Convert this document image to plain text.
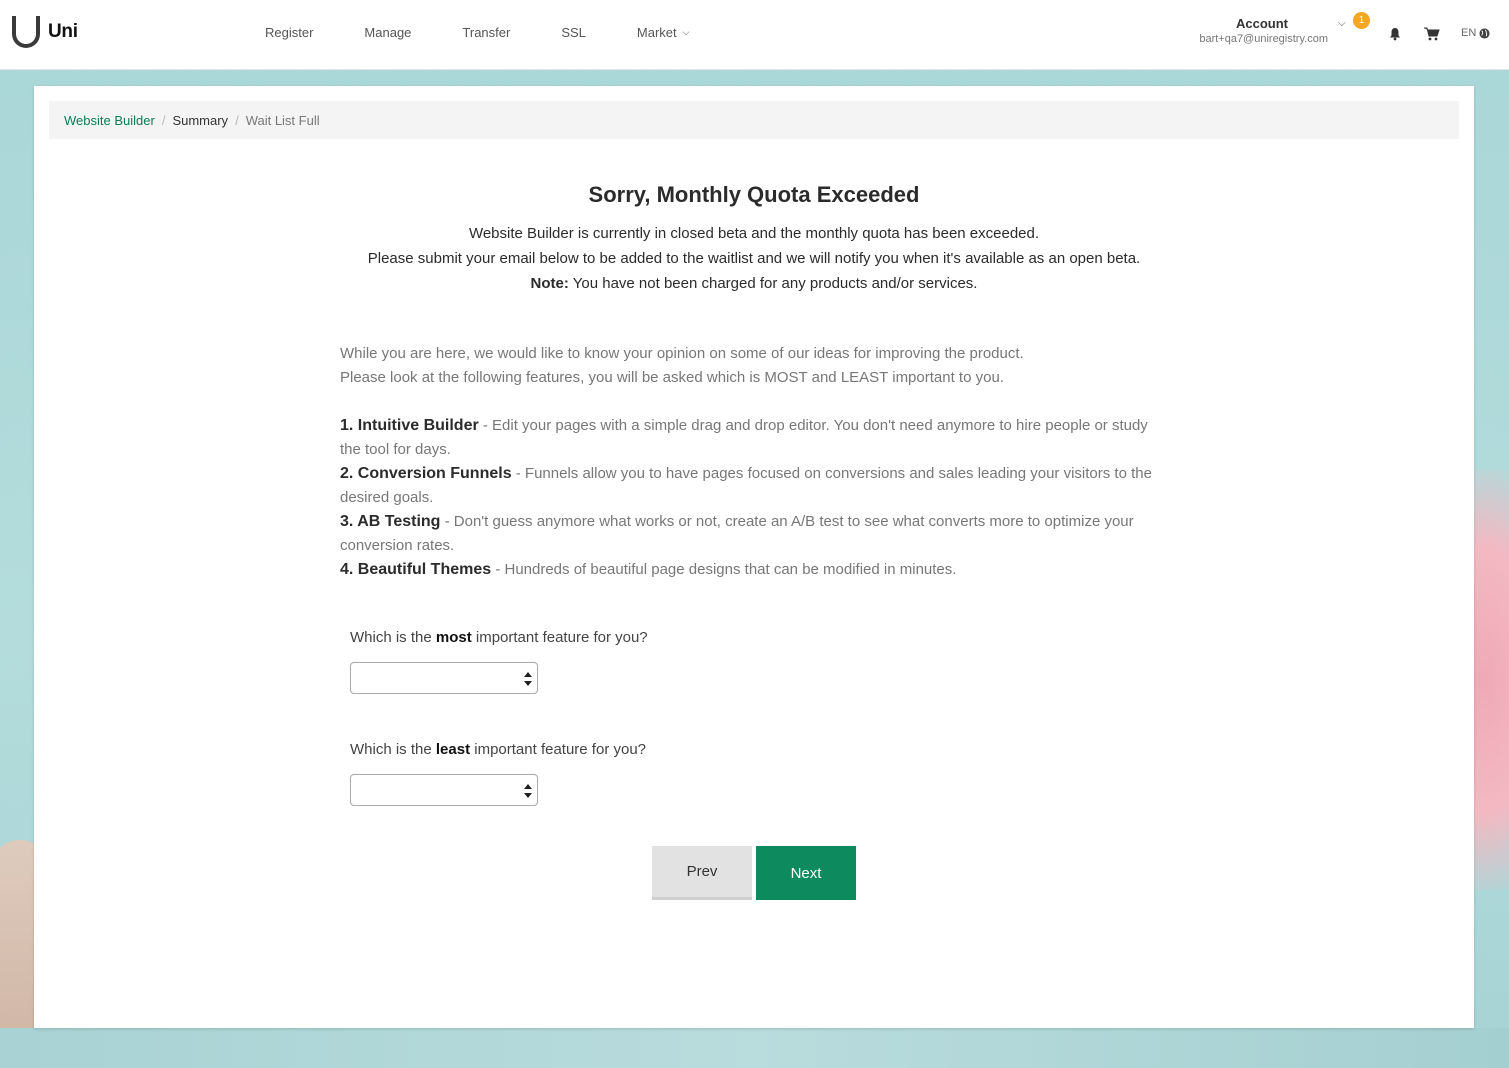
Uni	Register	Manage	Transfer	SSL	Market ⌵
Account
bart+qa7@uniregistry.com
⌵	1
EN
Website Builder / Summary / Wait List Full
Sorry, Monthly Quota Exceeded
Website Builder is currently in closed beta and the monthly quota has been exceeded.
Please submit your email below to be added to the waitlist and we will notify you when it's available as an open beta.
Note: You have not been charged for any products and/or services.
While you are here, we would like to know your opinion on some of our ideas for improving the product.
Please look at the following features, you will be asked which is MOST and LEAST important to you.
1. Intuitive Builder - Edit your pages with a simple drag and drop editor. You don't need anymore to hire people or study the tool for days.
2. Conversion Funnels - Funnels allow you to have pages focused on conversions and sales leading your visitors to the desired goals.
3. AB Testing - Don't guess anymore what works or not, create an A/B test to see what converts more to optimize your conversion rates.
4. Beautiful Themes - Hundreds of beautiful page designs that can be modified in minutes.
Which is the most important feature for you?
Which is the least important feature for you?
Prev	Next
